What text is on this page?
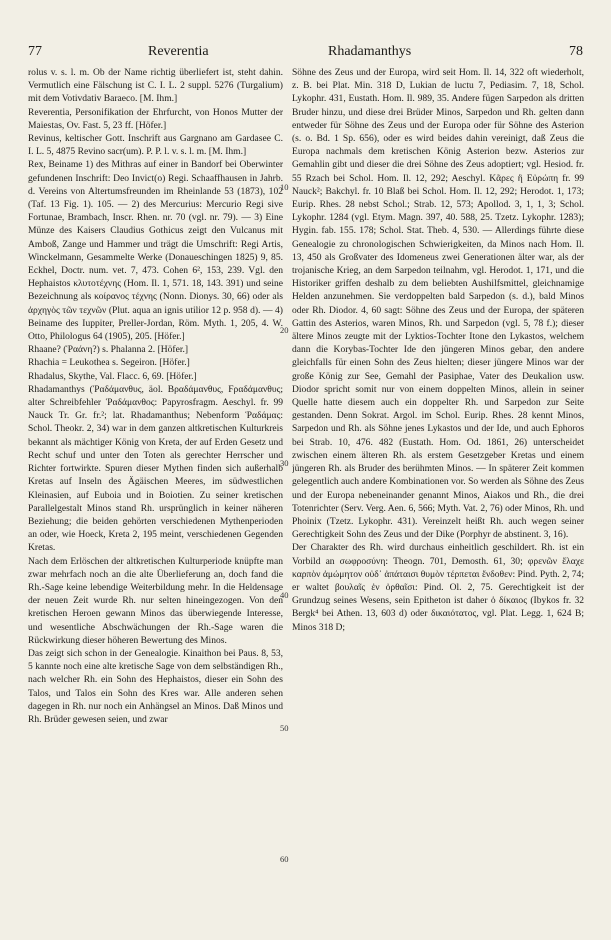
77	Reverentia	Rhadamanthys	78

rolus v. s. l. m. Ob der Name richtig überliefert ist, steht dahin. Vermutlich eine Fälschung ist C. I. L. 2 suppl. 5276 (Turgalium) mit dem Votivdativ Baraeco. [M. Ihm.]

Reverentia, Personifikation der Ehrfurcht, von Honos Mutter der Maiestas, Ov. Fast. 5, 23 ff. [Höfer.]

Revinus, keltischer Gott. Inschrift aus Gargnano am Gardasee C. I. L. 5, 4875 Revino sacr(um). P. P. l. v. s. l. m. [M. Ihm.]

Rex, Beiname 1) des Mithras auf einer in Bandorf bei Oberwinter gefundenen Inschrift: Deo Invict(o) Regi. Schaaffhausen in Jahrb. d. Vereins von Altertumsfreunden im Rheinlande 53 (1873), 102 (Taf. 13 Fig. 1). 105. — 2) des Mercurius: Mercurio Regi sive Fortunae, Brambach, Inscr. Rhen. nr. 70 (vgl. nr. 79). — 3) Eine Münze des Kaisers Claudius Gothicus zeigt den Vulcanus mit Amboß, Zange und Hammer und trägt die Umschrift: Regi Artis, Winckelmann, Gesammelte Werke (Donaueschingen 1825) 9, 85. Eckhel, Doctr. num. vet. 7, 473. Cohen 6², 153, 239. Vgl. den Hephaistos κλυτοτέχνης (Hom. Il. 1, 571. 18, 143. 391) und seine Bezeichnung als κοίρανος τέχνης (Nonn. Dionys. 30, 66) oder als ἀρχηγὸς τῶν τεχνῶν (Plut. aqua an ignis utilior 12 p. 958 d). — 4) Beiname des Iuppiter, Preller-Jordan, Röm. Myth. 1, 205, 4. W. Otto, Philologus 64 (1905), 205. [Höfer.]

Rhaane? (Ῥαάνη?) s. Phalanna 2. [Höfer.]

Rhachia = Leukothea s. Segeiron. [Höfer.]

Rhadalus, Skythe, Val. Flacc. 6, 69. [Höfer.]

Rhadamanthys (Ῥαδάμανθυς, äol. Βραδάμανθυς, Ϝραδάμανθυς; alter Schreibfehler Ῥαδάμανθος: Papyrosfragm. Aeschyl. fr. 99 Nauck Tr. Gr. fr.²; lat. Rhadamanthus; Nebenform Ῥαδάμας: Schol. Theokr. 2, 34) war in dem ganzen altkretischen Kulturkreis bekannt als mächtiger König von Kreta, der auf Erden Gesetz und Recht schuf und unter den Toten als gerechter Herrscher und Richter fortwirkte. Spuren dieser Mythen finden sich außerhalb Kretas auf Inseln des Ägäischen Meeres, im südwestlichen Kleinasien, auf Euboia und in Boiotien. Zu seiner kretischen Parallelgestalt Minos stand Rh. ursprünglich in keiner näheren Beziehung; die beiden gehörten verschiedenen Mythenperioden an oder, wie Hoeck, Kreta 2, 195 meint, verschiedenen Gegenden Kretas.

Nach dem Erlöschen der altkretischen Kulturperiode knüpfte man zwar mehrfach noch an die alte Überlieferung an, doch fand die Rh.-Sage keine lebendige Weiterbildung mehr. In die Heldensage der neuen Zeit wurde Rh. nur selten hineingezogen. Von den kretischen Heroen gewann Minos das überwiegende Interesse, und wesentliche Abschwächungen der Rh.-Sage waren die Rückwirkung dieser höheren Bewertung des Minos.

Das zeigt sich schon in der Genealogie. Kinaithon bei Paus. 8, 53, 5 kannte noch eine alte kretische Sage von dem selbständigen Rh., nach welcher Rh. ein Sohn des Hephaistos, dieser ein Sohn des Talos, und Talos ein Sohn des Kres war. Alle anderen sehen dagegen in Rh. nur noch ein Anhängsel an Minos. Daß Minos und Rh. Brüder gewesen seien, und zwar

10
20
30
40
50
60

Söhne des Zeus und der Europa, wird seit Hom. Il. 14, 322 oft wiederholt, z. B. bei Plat. Min. 318 D, Lukian de luctu 7, Pediasim. 7, 18, Schol. Lykophr. 431, Eustath. Hom. Il. 989, 35. Andere fügen Sarpedon als dritten Bruder hinzu, und diese drei Brüder Minos, Sarpedon und Rh. gelten dann entweder für Söhne des Zeus und der Europa oder für Söhne des Asterion (s. o. Bd. 1 Sp. 656), oder es wird beides dahin vereinigt, daß Zeus die Europa nachmals dem kretischen König Asterion bezw. Asterios zur Gemahlin gibt und dieser die drei Söhne des Zeus adoptiert; vgl. Hesiod. fr. 55 Rzach bei Schol. Hom. Il. 12, 292; Aeschyl. Κᾶρες ἢ Εὐρώπη fr. 99 Nauck²; Bakchyl. fr. 10 Blaß bei Schol. Hom. Il. 12, 292; Herodot. 1, 173; Eurip. Rhes. 28 nebst Schol.; Strab. 12, 573; Apollod. 3, 1, 1, 3; Schol. Lykophr. 1284 (vgl. Etym. Magn. 397, 40. 588, 25. Tzetz. Lykophr. 1283); Hygin. fab. 155. 178; Schol. Stat. Theb. 4, 530. — Allerdings führte diese Genealogie zu chronologischen Schwierigkeiten, da Minos nach Hom. Il. 13, 450 als Großvater des Idomeneus zwei Generationen älter war, als der trojanische Krieg, an dem Sarpedon teilnahm, vgl. Herodot. 1, 171, und die Historiker griffen deshalb zu dem beliebten Aushilfsmittel, gleichnamige Helden anzunehmen. Sie verdoppelten bald Sarpedon (s. d.), bald Minos oder Rh. Diodor. 4, 60 sagt: Söhne des Zeus und der Europa, der späteren Gattin des Asterios, waren Minos, Rh. und Sarpedon (vgl. 5, 78 f.); dieser ältere Minos zeugte mit der Lyktios-Tochter Itone den Lykastos, welchem dann die Korybas-Tochter Ide den jüngeren Minos gebar, den andere gleichfalls für einen Sohn des Zeus hielten; dieser jüngere Minos war der große König zur See, Gemahl der Pasiphae, Vater des Deukalion usw. Diodor spricht somit nur von einem doppelten Minos, allein in seiner Quelle hatte diesem auch ein doppelter Rh. und Sarpedon zur Seite gestanden. Denn Sokrat. Argol. im Schol. Eurip. Rhes. 28 kennt Minos, Sarpedon und Rh. als Söhne jenes Lykastos und der Ide, und auch Ephoros bei Strab. 10, 476. 482 (Eustath. Hom. Od. 1861, 26) unterscheidet zwischen einem älteren Rh. als erstem Gesetzgeber Kretas und einem jüngeren Rh. als Bruder des berühmten Minos. — In späterer Zeit kommen gelegentlich auch andere Kombinationen vor. So werden als Söhne des Zeus und der Europa nebeneinander genannt Minos, Aiakos und Rh., die drei Totenrichter (Serv. Verg. Aen. 6, 566; Myth. Vat. 2, 76) oder Minos, Rh. und Phoinix (Tzetz. Lykophr. 431). Vereinzelt heißt Rh. auch wegen seiner Gerechtigkeit Sohn des Zeus und der Dike (Porphyr de abstinent. 3, 16).

Der Charakter des Rh. wird durchaus einheitlich geschildert. Rh. ist ein Vorbild an σωφροσύνη: Theogn. 701, Demosth. 61, 30; φρενῶν ἔλαχε καρπὸν ἀμώμητον οὐδ᾽ ἀπάταισι θυμὸν τέρπεται ἔνδοθεν: Pind. Pyth. 2, 74; er waltet βουλαῖς ἐν ὀρθαῖσι: Pind. Ol. 2, 75. Gerechtigkeit ist der Grundzug seines Wesens, sein Epitheton ist daher ὁ δίκαιος (Ibykos fr. 32 Bergk⁴ bei Athen. 13, 603 d) oder δικαιότατος, vgl. Plat. Legg. 1, 624 B; Minos 318 D;
